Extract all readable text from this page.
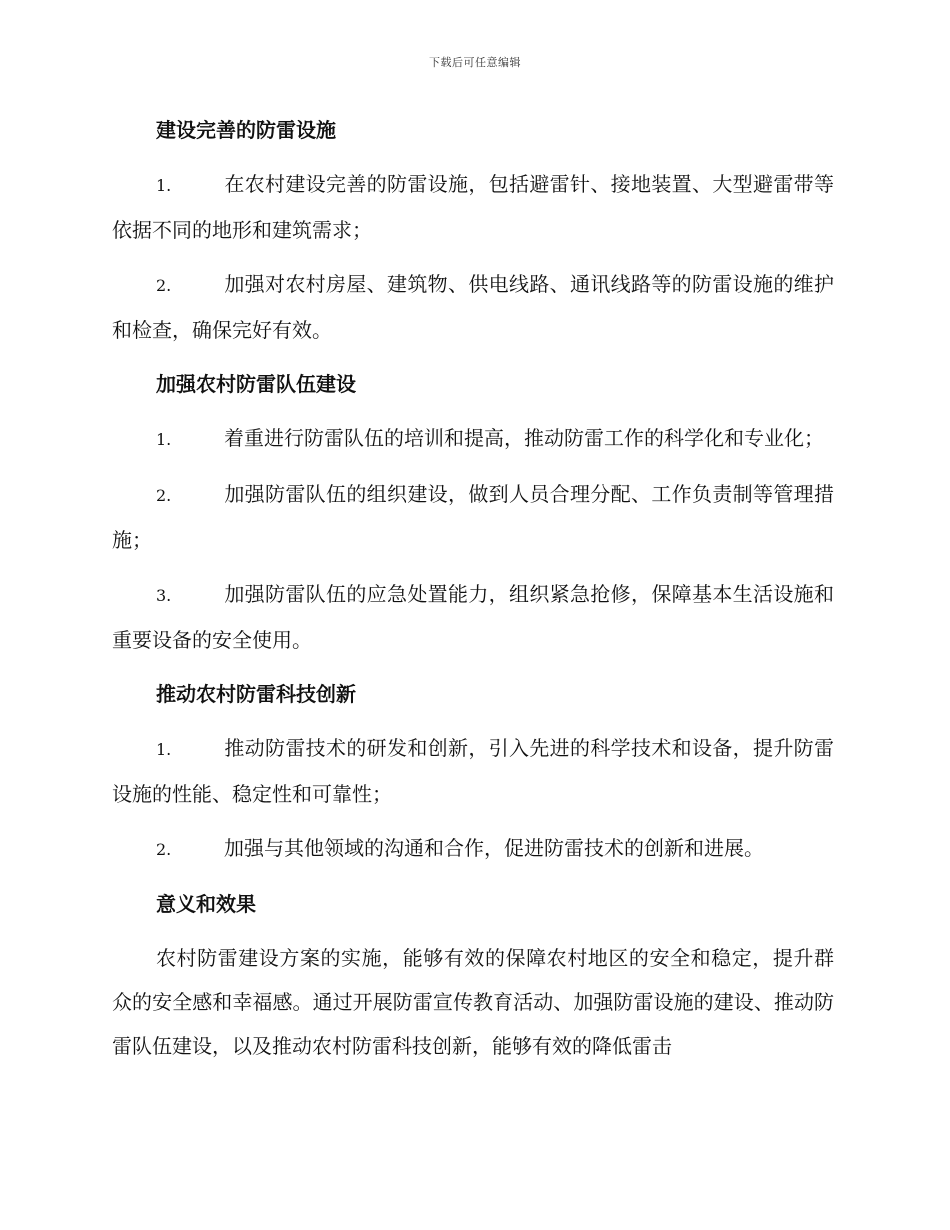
下载后可任意编辑
建设完善的防雷设施
1.	在农村建设完善的防雷设施，包括避雷针、接地装置、大型避雷带等依据不同的地形和建筑需求；
2.	加强对农村房屋、建筑物、供电线路、通讯线路等的防雷设施的维护和检查，确保完好有效。
加强农村防雷队伍建设
1.	着重进行防雷队伍的培训和提高，推动防雷工作的科学化和专业化；
2.	加强防雷队伍的组织建设，做到人员合理分配、工作负责制等管理措施；
3.	加强防雷队伍的应急处置能力，组织紧急抢修，保障基本生活设施和重要设备的安全使用。
推动农村防雷科技创新
1.	推动防雷技术的研发和创新，引入先进的科学技术和设备，提升防雷设施的性能、稳定性和可靠性；
2.	加强与其他领域的沟通和合作，促进防雷技术的创新和进展。
意义和效果

农村防雷建设方案的实施，能够有效的保障农村地区的安全和稳定，提升群众的安全感和幸福感。通过开展防雷宣传教育活动、加强防雷设施的建设、推动防雷队伍建设，以及推动农村防雷科技创新，能够有效的降低雷击
